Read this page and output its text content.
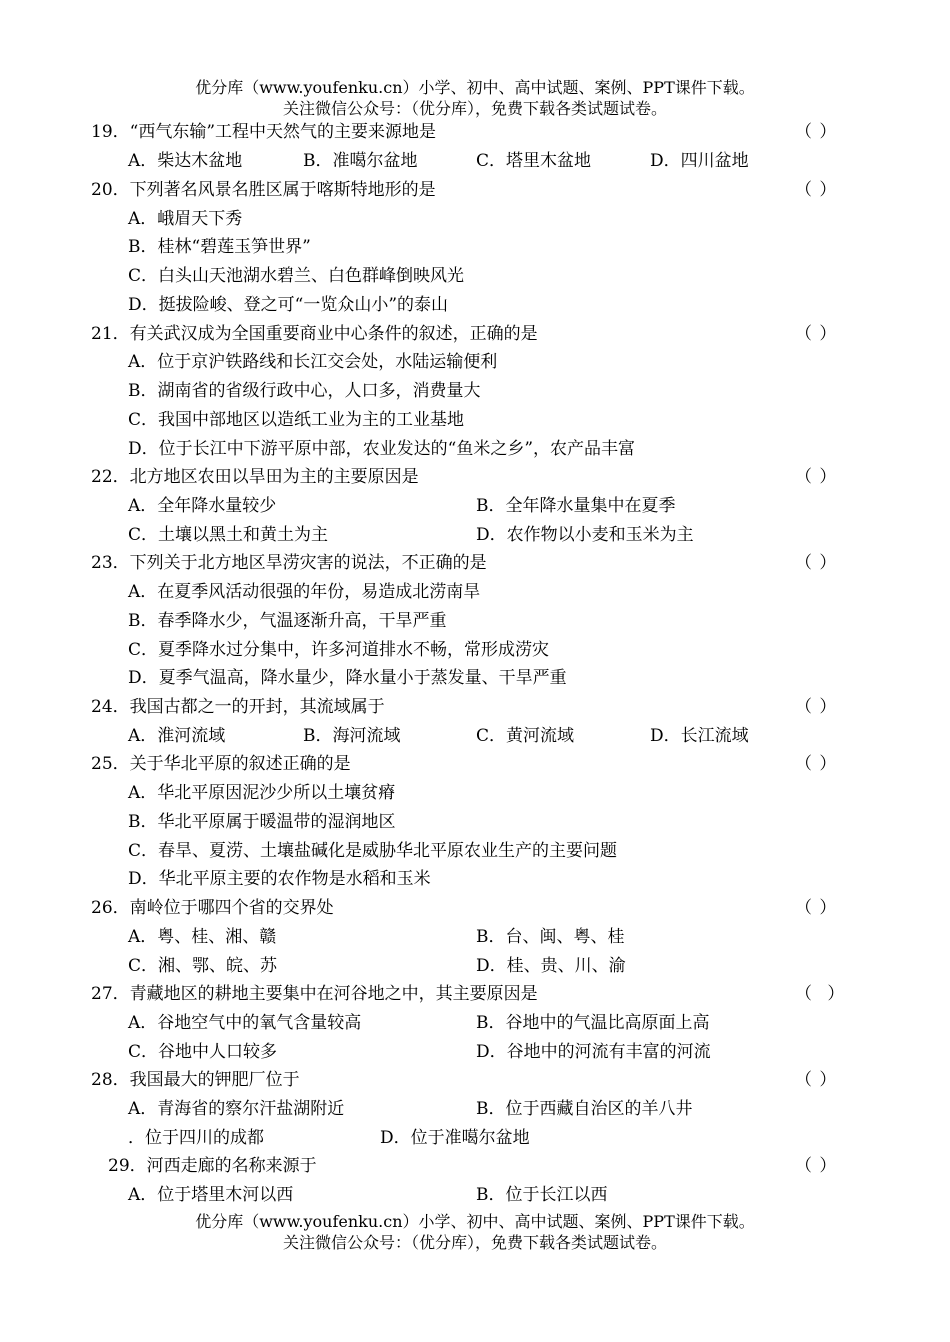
优分库（www.youfenku.cn）小学、初中、高中试题、案例、PPT课件下载。
关注微信公众号：（优分库），免费下载各类试题试卷。
19．“西气东输”工程中天然气的主要来源地是	（ ）
A．柴达木盆地	B．准噶尔盆地	C．塔里木盆地	D．四川盆地
20．下列著名风景名胜区属于喀斯特地形的是	（ ）
A．峨眉天下秀
B．桂林“碧莲玉笋世界”
C．白头山天池湖水碧兰、白色群峰倒映风光
D．挺拔险峻、登之可“一览众山小”的泰山
21．有关武汉成为全国重要商业中心条件的叙述，正确的是	（ ）
A．位于京沪铁路线和长江交会处，水陆运输便利
B．湖南省的省级行政中心，人口多，消费量大
C．我国中部地区以造纸工业为主的工业基地
D．位于长江中下游平原中部，农业发达的“鱼米之乡”，农产品丰富
22．北方地区农田以旱田为主的主要原因是	（ ）
A．全年降水量较少	B．全年降水量集中在夏季
C．土壤以黑土和黄土为主	D．农作物以小麦和玉米为主
23．下列关于北方地区旱涝灾害的说法，不正确的是	（ ）
A．在夏季风活动很强的年份，易造成北涝南旱
B．春季降水少，气温逐渐升高，干旱严重
C．夏季降水过分集中，许多河道排水不畅，常形成涝灾
D．夏季气温高，降水量少，降水量小于蒸发量、干旱严重
24．我国古都之一的开封，其流域属于	（ ）
A．淮河流域	B．海河流域	C．黄河流域	D．长江流域
25．关于华北平原的叙述正确的是	（ ）
A．华北平原因泥沙少所以土壤贫瘠
B．华北平原属于暖温带的湿润地区
C．春旱、夏涝、土壤盐碱化是威胁华北平原农业生产的主要问题
D．华北平原主要的农作物是水稻和玉米
26．南岭位于哪四个省的交界处	（ ）
A．粤、桂、湘、赣	B．台、闽、粤、桂
C．湘、鄂、皖、苏	D．桂、贵、川、渝
27．青藏地区的耕地主要集中在河谷地之中，其主要原因是	（ ）
A．谷地空气中的氧气含量较高	B．谷地中的气温比高原面上高
C．谷地中人口较多	D．谷地中的河流有丰富的河流
28．我国最大的钾肥厂位于	（ ）
A．青海省的察尔汗盐湖附近	B．位于西藏自治区的羊八井
．位于四川的成都	D．位于准噶尔盆地
29．河西走廊的名称来源于	（ ）
A．位于塔里木河以西	B．位于长江以西
优分库（www.youfenku.cn）小学、初中、高中试题、案例、PPT课件下载。
关注微信公众号：（优分库），免费下载各类试题试卷。
